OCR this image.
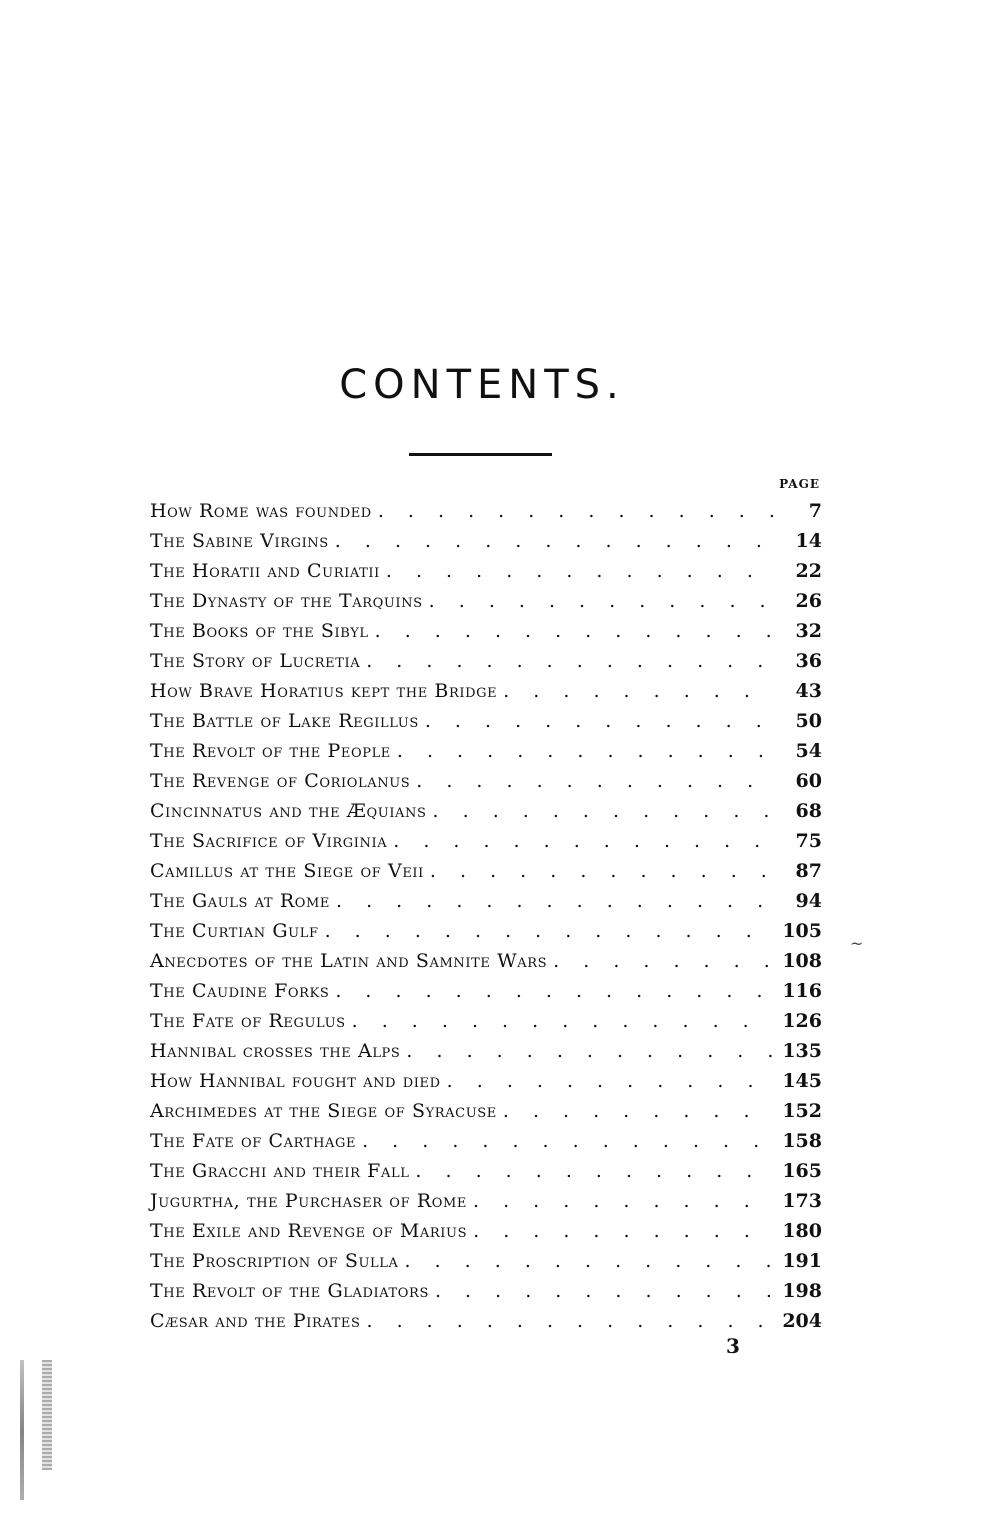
CONTENTS.
PAGE
How Rome was founded . . .	7
The Sabine Virgins . . .	14
The Horatii and Curiatii . . .	22
The Dynasty of the Tarquins . . .	26
The Books of the Sibyl . . .	32
The Story of Lucretia . . .	36
How Brave Horatius kept the Bridge . . .	43
The Battle of Lake Regillus . . .	50
The Revolt of the People . . .	54
The Revenge of Coriolanus . . .	60
Cincinnatus and the Æquians . . .	68
The Sacrifice of Virginia . . .	75
Camillus at the Siege of Veii . . .	87
The Gauls at Rome . . .	94
The Curtian Gulf . . .	105
Anecdotes of the Latin and Samnite Wars . . .	108
The Caudine Forks . . .	116
The Fate of Regulus . . .	126
Hannibal crosses the Alps . . .	135
How Hannibal fought and died . . .	145
Archimedes at the Siege of Syracuse . . .	152
The Fate of Carthage . . .	158
The Gracchi and their Fall . . .	165
Jugurtha, the Purchaser of Rome . . .	173
The Exile and Revenge of Marius . . .	180
The Proscription of Sulla . . .	191
The Revolt of the Gladiators . . .	198
Cæsar and the Pirates . . .	204
3
~
